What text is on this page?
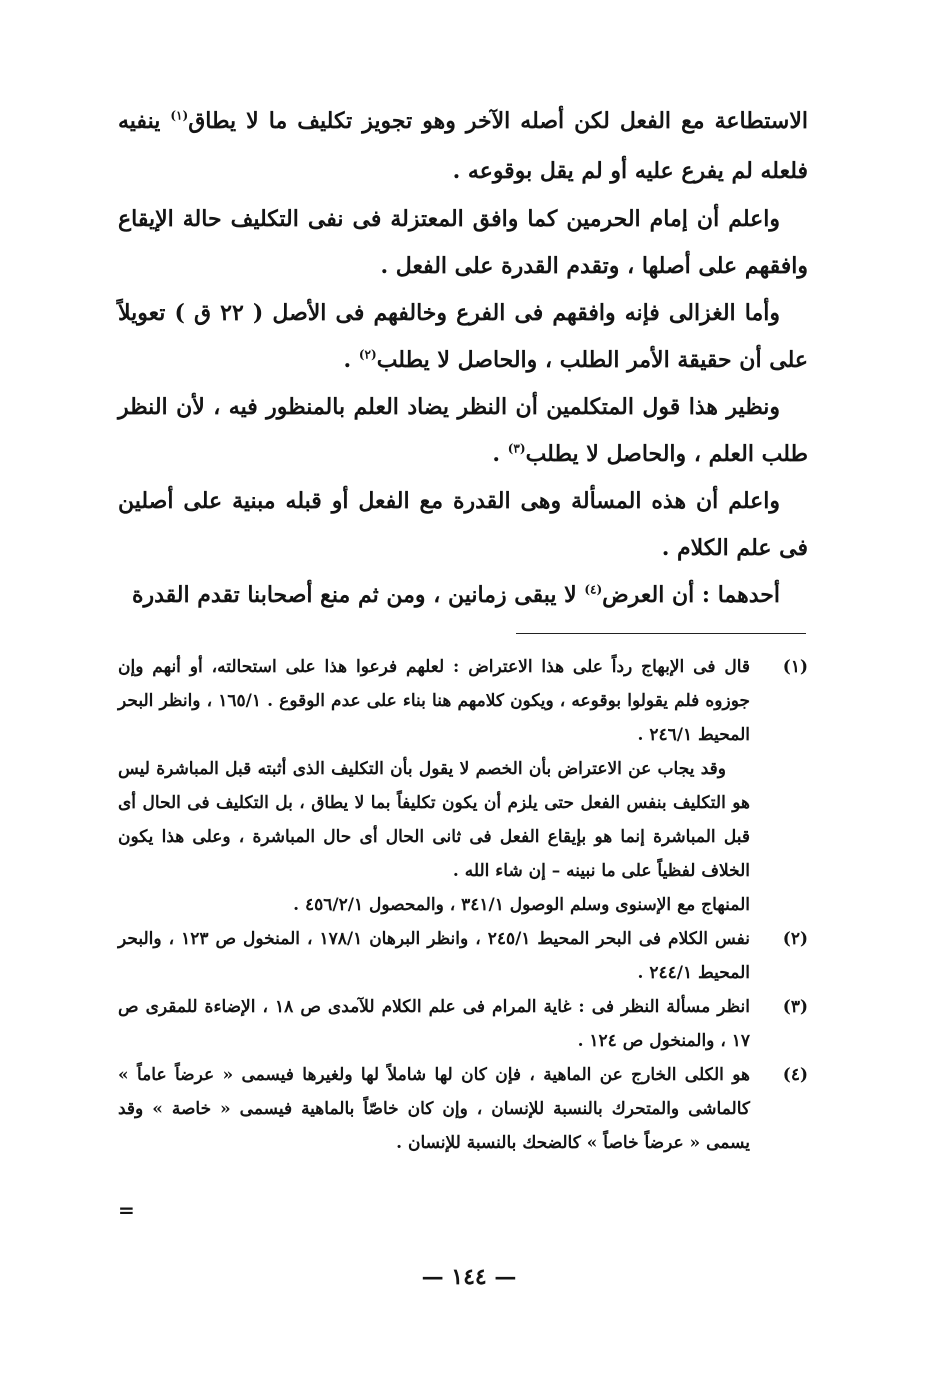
الاستطاعة مع الفعل لكن أصله الآخر وهو تجويز تكليف ما لا يطاق$^{(١)}$ ينفيه فلعله لم يفرع عليه أو لم يقل بوقوعه .

واعلم أن إمام الحرمين كما وافق المعتزلة فى نفى التكليف حالة الإيقاع وافقهم على أصلها ، وتقدم القدرة على الفعل .

وأما الغزالى فإنه وافقهم فى الفرع وخالفهم فى الأصل ( ٢٢ ق ) تعويلاً على أن حقيقة الأمر الطلب ، والحاصل لا يطلب$^{(٢)}$ .

ونظير هذا قول المتكلمين أن النظر يضاد العلم بالمنظور فيه ، لأن النظر طلب العلم ، والحاصل لا يطلب$^{(٣)}$ .

واعلم أن هذه المسألة وهى القدرة مع الفعل أو قبله مبنية على أصلين فى علم الكلام .

أحدهما : أن العرض$^{(٤)}$ لا يبقى زمانين ، ومن ثم منع أصحابنا تقدم القدرة

(١)

قال فى الإبهاج رداً على هذا الاعتراض : لعلهم فرعوا هذا على استحالته، أو أنهم وإن جوزوه فلم يقولوا بوقوعه ، ويكون كلامهم هنا بناء على عدم الوقوع . ١٦٥/١ ، وانظر البحر المحيط ٢٤٦/١ .

وقد يجاب عن الاعتراض بأن الخصم لا يقول بأن التكليف الذى أثبته قبل المباشرة ليس هو التكليف بنفس الفعل حتى يلزم أن يكون تكليفاً بما لا يطاق ، بل التكليف فى الحال أى قبل المباشرة إنما هو بإيقاع الفعل فى ثانى الحال أى حال المباشرة ، وعلى هذا يكون الخلاف لفظياً على ما نبينه – إن شاء الله .

المنهاج مع الإسنوى وسلم الوصول ٣٤١/١ ، والمحصول ٤٥٦/٢/١ .

(٢)

نفس الكلام فى البحر المحيط ٢٤٥/١ ، وانظر البرهان ١٧٨/١ ، المنخول ص ١٢٣ ، والبحر المحيط ٢٤٤/١ .

(٣)

انظر مسألة النظر فى : غاية المرام فى علم الكلام للآمدى ص ١٨ ، الإضاءة للمقرى ص ١٧ ، والمنخول ص ١٢٤ .

(٤)

هو الكلى الخارج عن الماهية ، فإن كان لها شاملاً لها ولغيرها فيسمى « عرضاً عاماً » كالماشى والمتحرك بالنسبة للإنسان ، وإن كان خاصّاً بالماهية فيسمى « خاصة » وقد يسمى « عرضاً خاصاً » كالضحك بالنسبة للإنسان .

=
— ١٤٤ —
